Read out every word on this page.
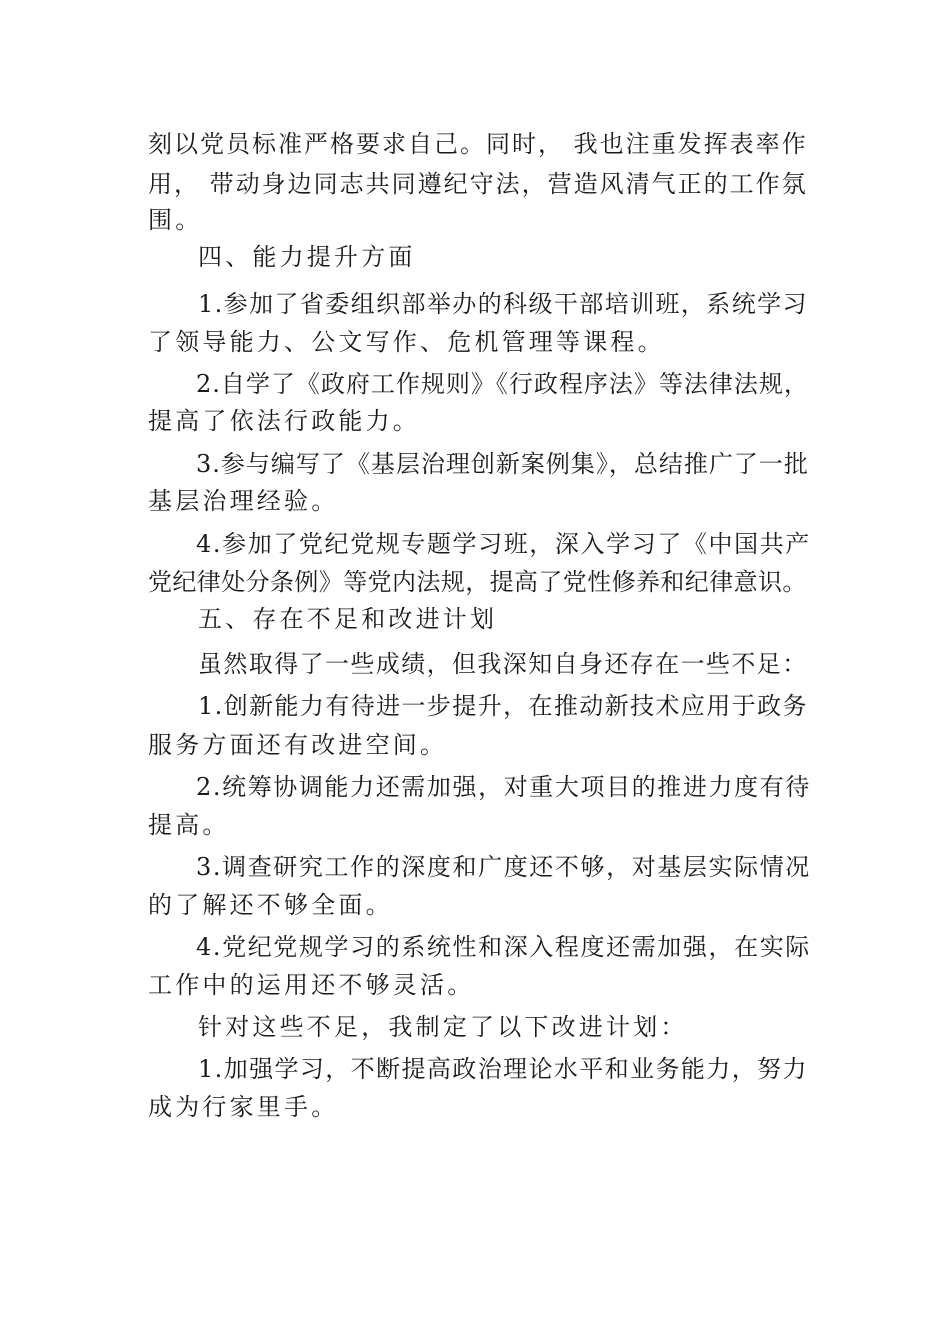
刻以党员标准严格要求自己。同时， 我也注重发挥表率作
用， 带动身边同志共同遵纪守法，营造风清气正的工作氛
围。
四、能力提升方面
1.参加了省委组织部举办的科级干部培训班，系统学习
了领导能力、公文写作、危机管理等课程。
2.自学了《政府工作规则》《行政程序法》等法律法规，
提高了依法行政能力。
3.参与编写了《基层治理创新案例集》，总结推广了一批
基层治理经验。
4.参加了党纪党规专题学习班，深入学习了《中国共产
党纪律处分条例》等党内法规，提高了党性修养和纪律意识。
五、存在不足和改进计划
虽然取得了一些成绩，但我深知自身还存在一些不足：
1.创新能力有待进一步提升，在推动新技术应用于政务
服务方面还有改进空间。
2.统筹协调能力还需加强，对重大项目的推进力度有待
提高。
3.调查研究工作的深度和广度还不够，对基层实际情况
的了解还不够全面。
4.党纪党规学习的系统性和深入程度还需加强，在实际
工作中的运用还不够灵活。
针对这些不足，我制定了以下改进计划：
1.加强学习，不断提高政治理论水平和业务能力，努力
成为行家里手。
